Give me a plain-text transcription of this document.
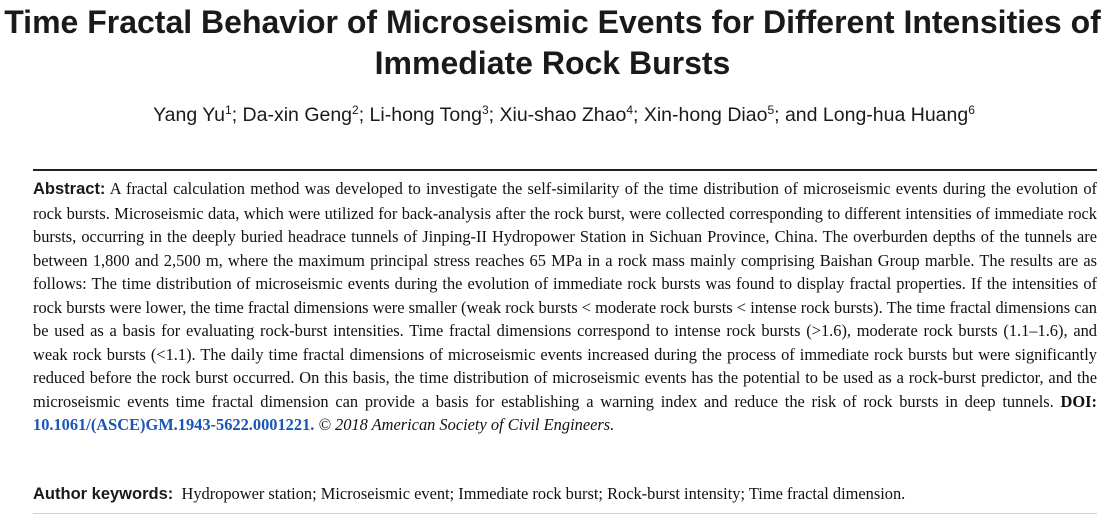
Time Fractal Behavior of Microseismic Events for Different Intensities of Immediate Rock Bursts
Yang Yu$^1$; Da-xin Geng$^2$; Li-hong Tong$^3$; Xiu-shao Zhao$^4$; Xin-hong Diao$^5$; and Long-hua Huang$^6$

Abstract: A fractal calculation method was developed to investigate the self-similarity of the time distribution of microseismic events during the evolution of rock bursts. Microseismic data, which were utilized for back-analysis after the rock burst, were collected corresponding to different intensities of immediate rock bursts, occurring in the deeply buried headrace tunnels of Jinping-II Hydropower Station in Sichuan Province, China. The overburden depths of the tunnels are between 1,800 and 2,500 m, where the maximum principal stress reaches 65 MPa in a rock mass mainly comprising Baishan Group marble. The results are as follows: The time distribution of microseismic events during the evolution of immediate rock bursts was found to display fractal properties. If the intensities of rock bursts were lower, the time fractal dimensions were smaller (weak rock bursts < moderate rock bursts < intense rock bursts). The time fractal dimensions can be used as a basis for evaluating rock-burst intensities. Time fractal dimensions correspond to intense rock bursts (>1.6), moderate rock bursts (1.1–1.6), and weak rock bursts (<1.1). The daily time fractal dimensions of microseismic events increased during the process of immediate rock bursts but were significantly reduced before the rock burst occurred. On this basis, the time distribution of microseismic events has the potential to be used as a rock-burst predictor, and the microseismic events time fractal dimension can provide a basis for establishing a warning index and reduce the risk of rock bursts in deep tunnels. DOI: 10.1061/(ASCE)GM.1943-5622.0001221. © 2018 American Society of Civil Engineers.

Author keywords: Hydropower station; Microseismic event; Immediate rock burst; Rock-burst intensity; Time fractal dimension.
